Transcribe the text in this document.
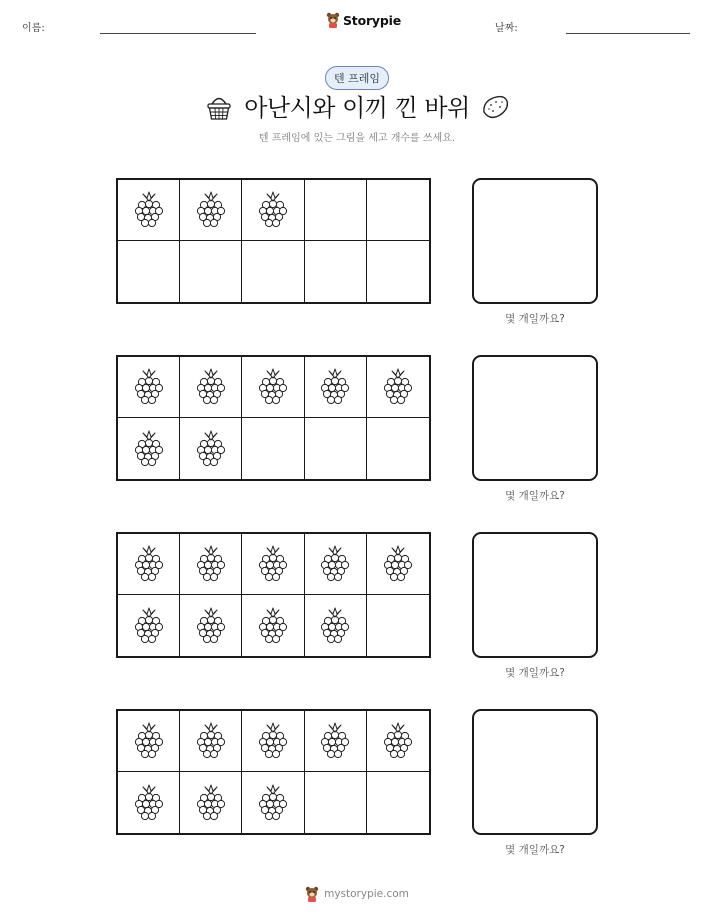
이름:
Storypie
날짜:
텐 프레임
아난시와 이끼 낀 바위
텐 프레임에 있는 그림을 세고 개수를 쓰세요.
몇 개일까요?
몇 개일까요?
몇 개일까요?
몇 개일까요?
mystorypie.com
